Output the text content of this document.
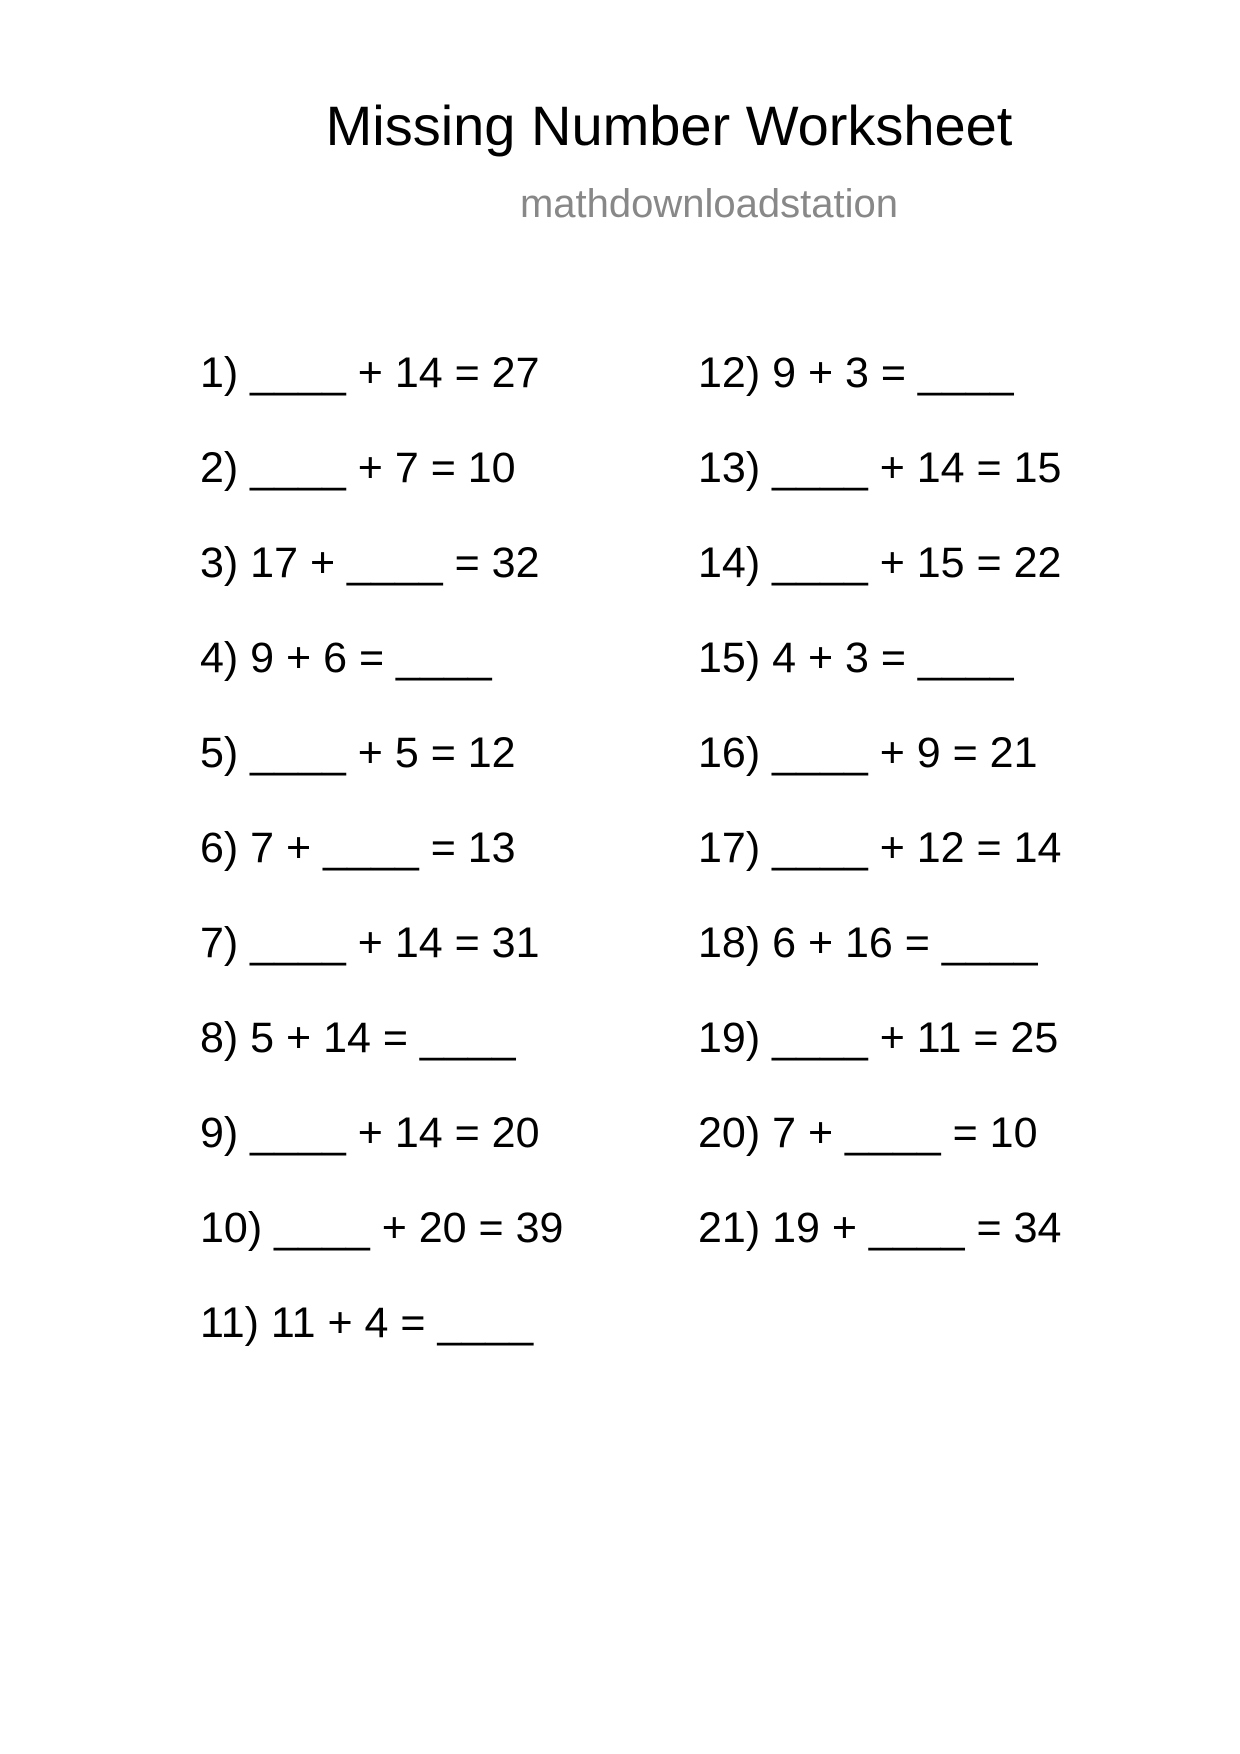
Missing Number Worksheet
mathdownloadstation
1) ____ + 14 = 27
2) ____ + 7 = 10
3) 17 + ____ = 32
4) 9 + 6 = ____
5) ____ + 5 = 12
6) 7 + ____ = 13
7) ____ + 14 = 31
8) 5 + 14 = ____
9) ____ + 14 = 20
10) ____ + 20 = 39
11) 11 + 4 = ____
12) 9 + 3 = ____
13) ____ + 14 = 15
14) ____ + 15 = 22
15) 4 + 3 = ____
16) ____ + 9 = 21
17) ____ + 12 = 14
18) 6 + 16 = ____
19) ____ + 11 = 25
20) 7 + ____ = 10
21) 19 + ____ = 34
